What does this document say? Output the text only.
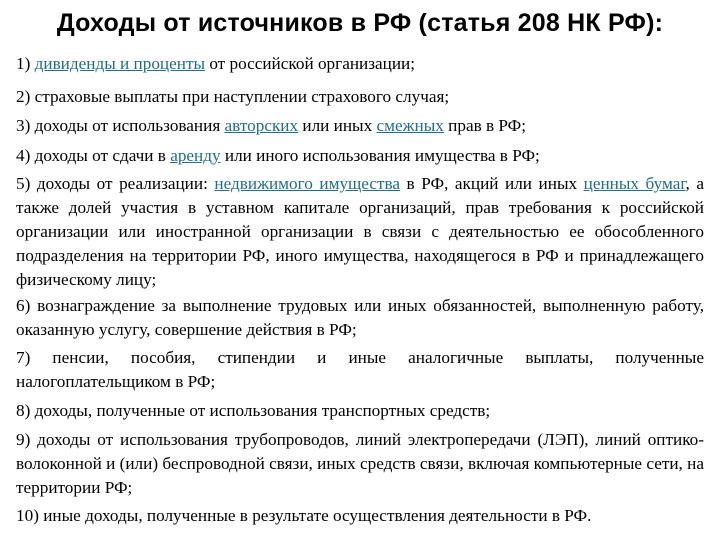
Доходы от источников в РФ (статья 208 НК РФ):

1) дивиденды и проценты от российской организации;

2) страховые выплаты при наступлении страхового случая;

3) доходы от использования авторских или иных смежных прав в РФ;

4) доходы от сдачи в аренду или иного использования имущества в РФ;

5) доходы от реализации: недвижимого имущества в РФ, акций или иных ценных бумаг, а также долей участия в уставном капитале организаций, прав требования к российской организации или иностранной организации в связи с деятельностью ее обособленного подразделения на территории РФ, иного имущества, находящегося в РФ и принадлежащего физическому лицу;

6) вознаграждение за выполнение трудовых или иных обязанностей, выполненную работу, оказанную услугу, совершение действия в РФ;

7) пенсии, пособия, стипендии и иные аналогичные выплаты, полученные налогоплательщиком в РФ;

8) доходы, полученные от использования транспортных средств;

9) доходы от использования трубопроводов, линий электропередачи (ЛЭП), линий оптико-волоконной и (или) беспроводной связи, иных средств связи, включая компьютерные сети, на территории РФ;

10) иные доходы, полученные в результате осуществления деятельности в РФ.
